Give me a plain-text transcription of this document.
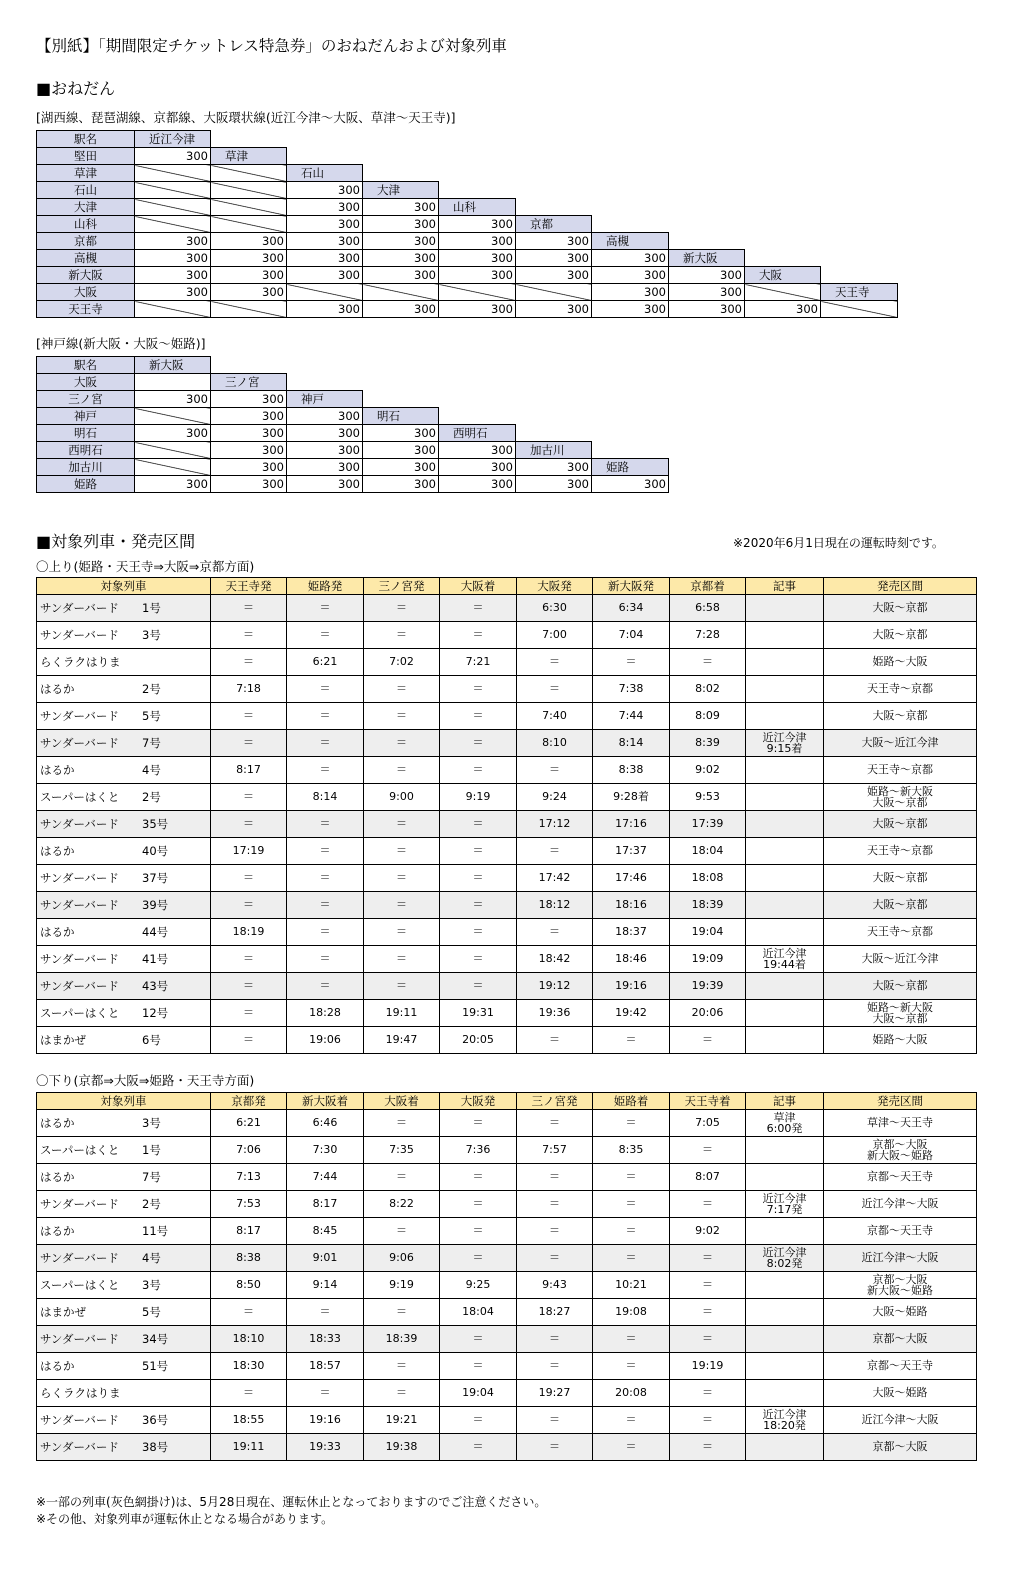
【別紙】「期間限定チケットレス特急券」のおねだんおよび対象列車
■おねだん
[湖西線、琵琶湖線、京都線、大阪環状線(近江今津～大阪、草津～天王寺)]
駅名	近江今津									
堅田	300	草津								
草津			石山							
石山			300	大津						
大津			300	300	山科					
山科			300	300	300	京都				
京都	300	300	300	300	300	300	高槻			
高槻	300	300	300	300	300	300	300	新大阪		
新大阪	300	300	300	300	300	300	300	300	大阪	
大阪	300	300					300	300		天王寺
天王寺			300	300	300	300	300	300	300	
[神戸線(新大阪・大阪～姫路)]
駅名	新大阪						
大阪		三ノ宮					
三ノ宮	300	300	神戸				
神戸		300	300	明石			
明石	300	300	300	300	西明石		
西明石		300	300	300	300	加古川	
加古川		300	300	300	300	300	姫路
姫路	300	300	300	300	300	300	300
■対象列車・発売区間	※2020年6月1日現在の運転時刻です。
〇上り(姫路・天王寺⇒大阪⇒京都方面)
対象列車	天王寺発	姫路発	三ノ宮発	大阪着	大阪発	新大阪発	京都着	記事	発売区間
サンダーバード 1号	＝	＝	＝	＝	6:30	6:34	6:58		大阪～京都

サンダーバード 3号	＝	＝	＝	＝	7:00	7:04	7:28		大阪～京都

らくラクはりま	＝	6:21	7:02	7:21	＝	＝	＝		姫路～大阪

はるか 2号	7:18	＝	＝	＝	＝	7:38	8:02		天王寺～京都

サンダーバード 5号	＝	＝	＝	＝	7:40	7:44	8:09		大阪～京都

サンダーバード 7号	＝	＝	＝	＝	8:10	8:14	8:39	近江今津
9:15着	大阪～近江今津

はるか 4号	8:17	＝	＝	＝	＝	8:38	9:02		天王寺～京都

スーパーはくと 2号	＝	8:14	9:00	9:19	9:24	9:28着	9:53		姫路～新大阪
大阪～京都

サンダーバード 35号	＝	＝	＝	＝	17:12	17:16	17:39		大阪～京都

はるか 40号	17:19	＝	＝	＝	＝	17:37	18:04		天王寺～京都

サンダーバード 37号	＝	＝	＝	＝	17:42	17:46	18:08		大阪～京都

サンダーバード 39号	＝	＝	＝	＝	18:12	18:16	18:39		大阪～京都

はるか 44号	18:19	＝	＝	＝	＝	18:37	19:04		天王寺～京都

サンダーバード 41号	＝	＝	＝	＝	18:42	18:46	19:09	近江今津
19:44着	大阪～近江今津

サンダーバード 43号	＝	＝	＝	＝	19:12	19:16	19:39		大阪～京都

スーパーはくと 12号	＝	18:28	19:11	19:31	19:36	19:42	20:06		姫路～新大阪
大阪～京都

はまかぜ 6号	＝	19:06	19:47	20:05	＝	＝	＝		姫路～大阪
〇下り(京都⇒大阪⇒姫路・天王寺方面)
対象列車	京都発	新大阪着	大阪着	大阪発	三ノ宮発	姫路着	天王寺着	記事	発売区間
はるか 3号	6:21	6:46	＝	＝	＝	＝	7:05	草津
6:00発	草津～天王寺

スーパーはくと 1号	7:06	7:30	7:35	7:36	7:57	8:35	＝		京都～大阪
新大阪～姫路

はるか 7号	7:13	7:44	＝	＝	＝	＝	8:07		京都～天王寺

サンダーバード 2号	7:53	8:17	8:22	＝	＝	＝	＝	近江今津
7:17発	近江今津～大阪

はるか 11号	8:17	8:45	＝	＝	＝	＝	9:02		京都～天王寺

サンダーバード 4号	8:38	9:01	9:06	＝	＝	＝	＝	近江今津
8:02発	近江今津～大阪

スーパーはくと 3号	8:50	9:14	9:19	9:25	9:43	10:21	＝		京都～大阪
新大阪～姫路

はまかぜ 5号	＝	＝	＝	18:04	18:27	19:08	＝		大阪～姫路

サンダーバード 34号	18:10	18:33	18:39	＝	＝	＝	＝		京都～大阪

はるか 51号	18:30	18:57	＝	＝	＝	＝	19:19		京都～天王寺

らくラクはりま	＝	＝	＝	19:04	19:27	20:08	＝		大阪～姫路

サンダーバード 36号	18:55	19:16	19:21	＝	＝	＝	＝	近江今津
18:20発	近江今津～大阪

サンダーバード 38号	19:11	19:33	19:38	＝	＝	＝	＝		京都～大阪
※一部の列車(灰色網掛け)は、5月28日現在、運転休止となっておりますのでご注意ください。
※その他、対象列車が運転休止となる場合があります。
